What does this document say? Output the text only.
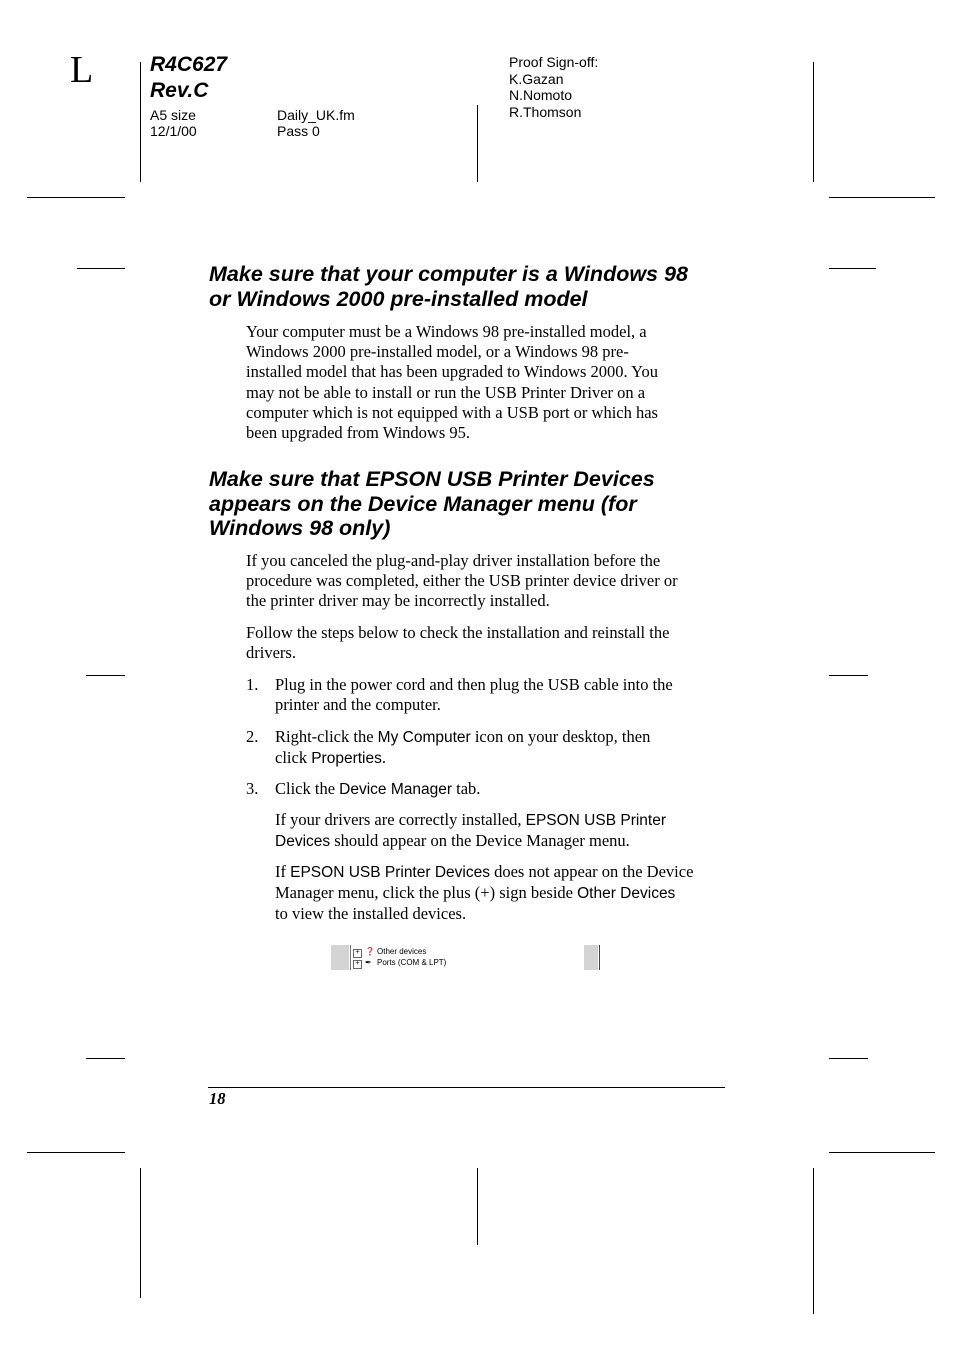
L	R4C627
Rev.C
A5 size
12/1/00
Daily_UK.fm
Pass 0
Proof Sign-off:
K.Gazan
N.Nomoto
R.Thomson
Make sure that your computer is a Windows 98
or Windows 2000 pre-installed model
Your computer must be a Windows 98 pre-installed model, a
Windows 2000 pre-installed model, or a Windows 98 pre-
installed model that has been upgraded to Windows 2000. You
may not be able to install or run the USB Printer Driver on a
computer which is not equipped with a USB port or which has
been upgraded from Windows 95.
Make sure that EPSON USB Printer Devices
appears on the Device Manager menu (for
Windows 98 only)
If you canceled the plug-and-play driver installation before the
procedure was completed, either the USB printer device driver or
the printer driver may be incorrectly installed.
Follow the steps below to check the installation and reinstall the
drivers.
1. Plug in the power cord and then plug the USB cable into the
printer and the computer.
2. Right-click the My Computer icon on your desktop, then
click Properties.
3. Click the Device Manager tab.
If your drivers are correctly installed, EPSON USB Printer
Devices should appear on the Device Manager menu.
If EPSON USB Printer Devices does not appear on the Device
Manager menu, click the plus (+) sign beside Other Devices
to view the installed devices.
+ ❓ Other devices
+ ✒ Ports (COM & LPT)
18
